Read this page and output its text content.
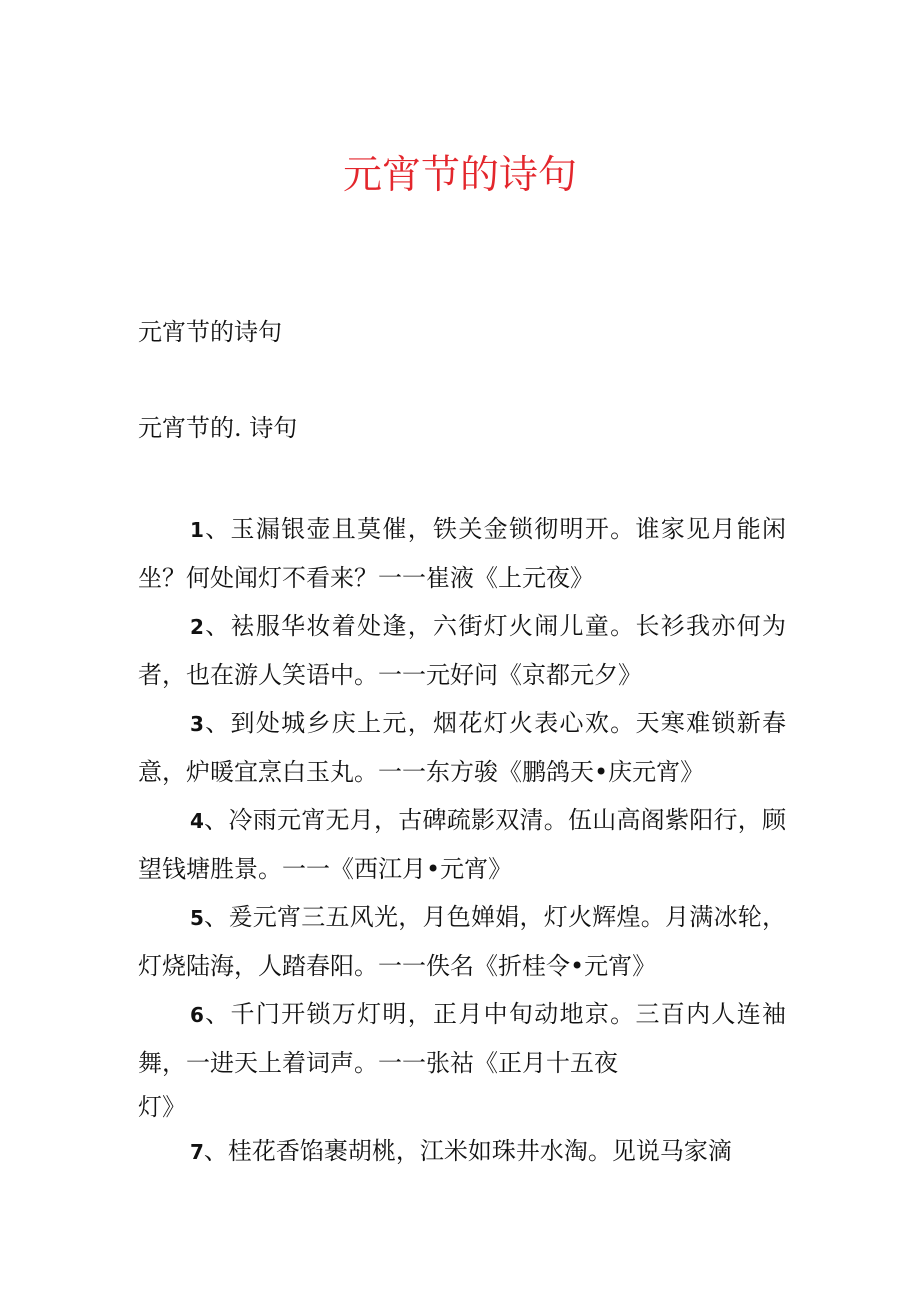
元宵节的诗句

元宵节的诗句

元宵节的. 诗句

1、玉漏银壶且莫催，铁关金锁彻明开。谁家见月能闲坐？何处闻灯不看来？一一崔液《上元夜》
2、袪服华妆着处逢，六街灯火闹儿童。长衫我亦何为者，也在游人笑语中。一一元好问《京都元夕》
3、到处城乡庆上元，烟花灯火表心欢。天寒难锁新春意，炉暖宜烹白玉丸。一一东方骏《鹏鸽天•庆元宵》
4、冷雨元宵无月，古碑疏影双清。伍山高阁紫阳行，顾望钱塘胜景。一一《西江月•元宵》
5、爰元宵三五风光，月色婵娟，灯火辉煌。月满冰轮，灯烧陆海，人踏春阳。一一佚名《折桂令•元宵》
6、千门开锁万灯明，正月中旬动地京。三百内人连袖舞，一进天上着词声。一一张祜《正月十五夜
灯》
7、桂花香馅裹胡桃，江米如珠井水淘。见说马家滴
